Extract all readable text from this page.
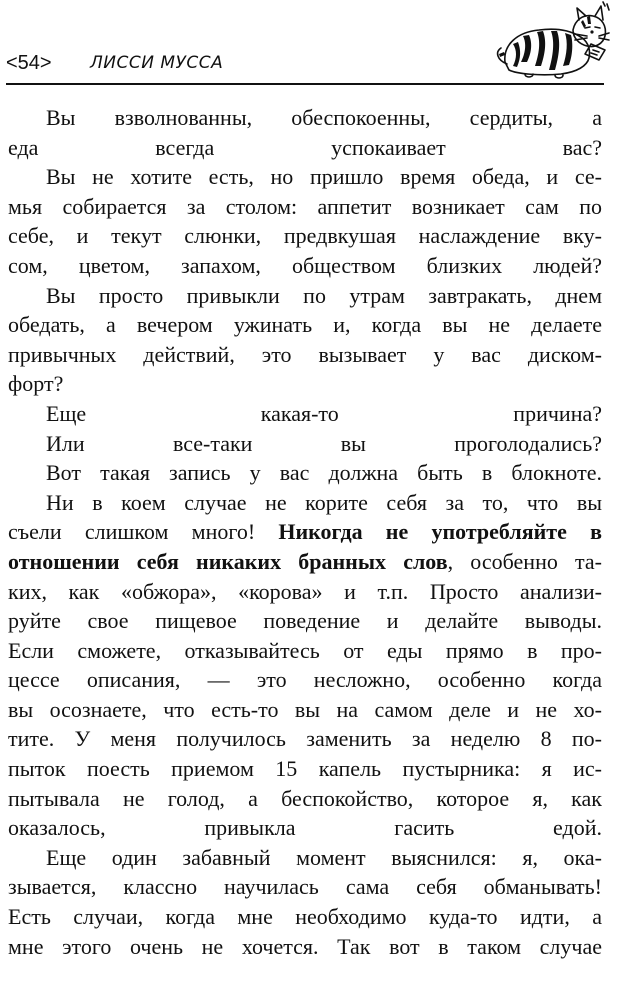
<54> ЛИССИ МУССА

Вы взволнованны, обеспокоенны, сердиты, а
еда всегда успокаивает вас?

Вы не хотите есть, но пришло время обеда, и се-
мья собирается за столом: аппетит возникает сам по
себе, и текут слюнки, предвкушая наслаждение вку-
сом, цветом, запахом, обществом близких людей?

Вы просто привыкли по утрам завтракать, днем
обедать, а вечером ужинать и, когда вы не делаете
привычных действий, это вызывает у вас диском-
форт?

Еще какая-то причина?

Или все-таки вы проголодались?

Вот такая запись у вас должна быть в блокноте.

Ни в коем случае не корите себя за то, что вы
съели слишком много! Никогда не употребляйте в
отношении себя никаких бранных слов, особенно та-
ких, как «обжора», «корова» и т.п. Просто анализи-
руйте свое пищевое поведение и делайте выводы.
Если сможете, отказывайтесь от еды прямо в про-
цессе описания, — это несложно, особенно когда
вы осознаете, что есть-то вы на самом деле и не хо-
тите. У меня получилось заменить за неделю 8 по-
пыток поесть приемом 15 капель пустырника: я ис-
пытывала не голод, а беспокойство, которое я, как
оказалось, привыкла гасить едой.

Еще один забавный момент выяснился: я, ока-
зывается, классно научилась сама себя обманывать!
Есть случаи, когда мне необходимо куда-то идти, а
мне этого очень не хочется. Так вот в таком случае
